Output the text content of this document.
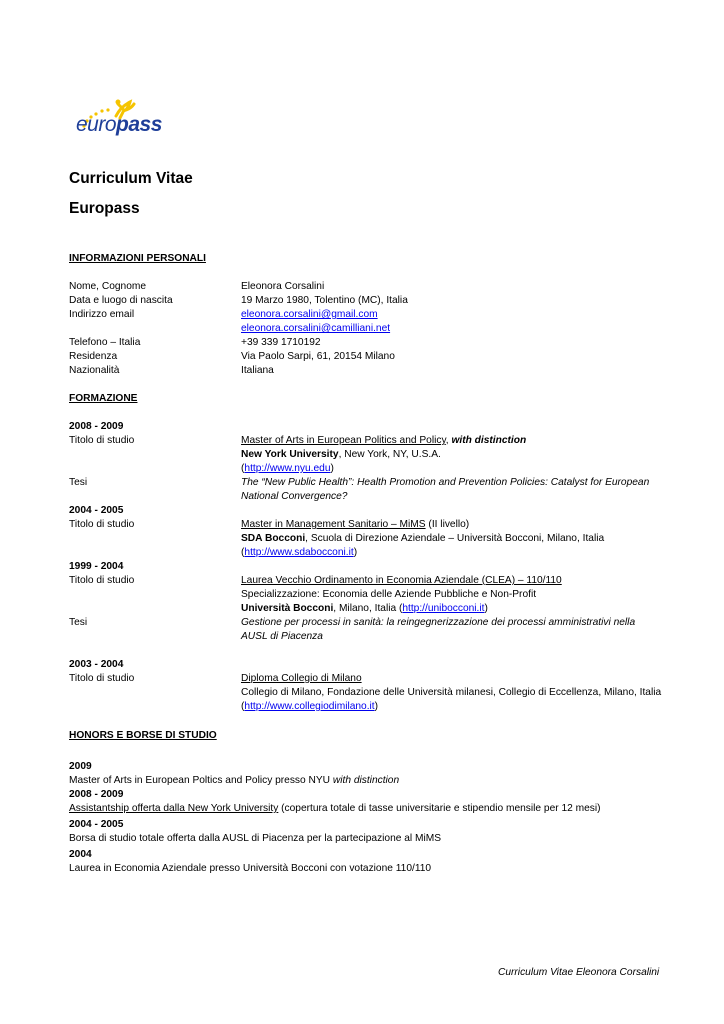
europass
Curriculum Vitae
Europass
INFORMAZIONI PERSONALI
Nome, Cognome	Eleonora Corsalini
Data e luogo di nascita	19 Marzo 1980, Tolentino (MC), Italia
Indirizzo email	eleonora.corsalini@gmail.com
eleonora.corsalini@camilliani.net
Telefono – Italia	+39 339 1710192
Residenza	Via Paolo Sarpi, 61, 20154 Milano
Nazionalità	Italiana
FORMAZIONE
2008 - 2009
Titolo di studio	Master of Arts in European Politics and Policy, with distinction
New York University, New York, NY, U.S.A.
(http://www.nyu.edu)
Tesi	The “New Public Health”: Health Promotion and Prevention Policies: Catalyst for European
National Convergence?
2004 - 2005
Titolo di studio	Master in Management Sanitario – MiMS (II livello)
SDA Bocconi, Scuola di Direzione Aziendale – Università Bocconi, Milano, Italia
(http://www.sdabocconi.it)
1999 - 2004
Titolo di studio	Laurea Vecchio Ordinamento in Economia Aziendale (CLEA) – 110/110
Specializzazione: Economia delle Aziende Pubbliche e Non-Profit
Università Bocconi, Milano, Italia (http://unibocconi.it)
Tesi	Gestione per processi in sanità: la reingegnerizzazione dei processi amministrativi nella
AUSL di Piacenza
2003 - 2004
Titolo di studio	Diploma Collegio di Milano
Collegio di Milano, Fondazione delle Università milanesi, Collegio di Eccellenza, Milano, Italia
(http://www.collegiodimilano.it)
HONORS E BORSE DI STUDIO
2009
Master of Arts in European Poltics and Policy presso NYU with distinction
2008 - 2009
Assistantship offerta dalla New York University (copertura totale di tasse universitarie e stipendio mensile per 12 mesi)
2004 - 2005
Borsa di studio totale offerta dalla AUSL di Piacenza per la partecipazione al MiMS
2004
Laurea in Economia Aziendale presso Università Bocconi con votazione 110/110
Curriculum Vitae Eleonora Corsalini
